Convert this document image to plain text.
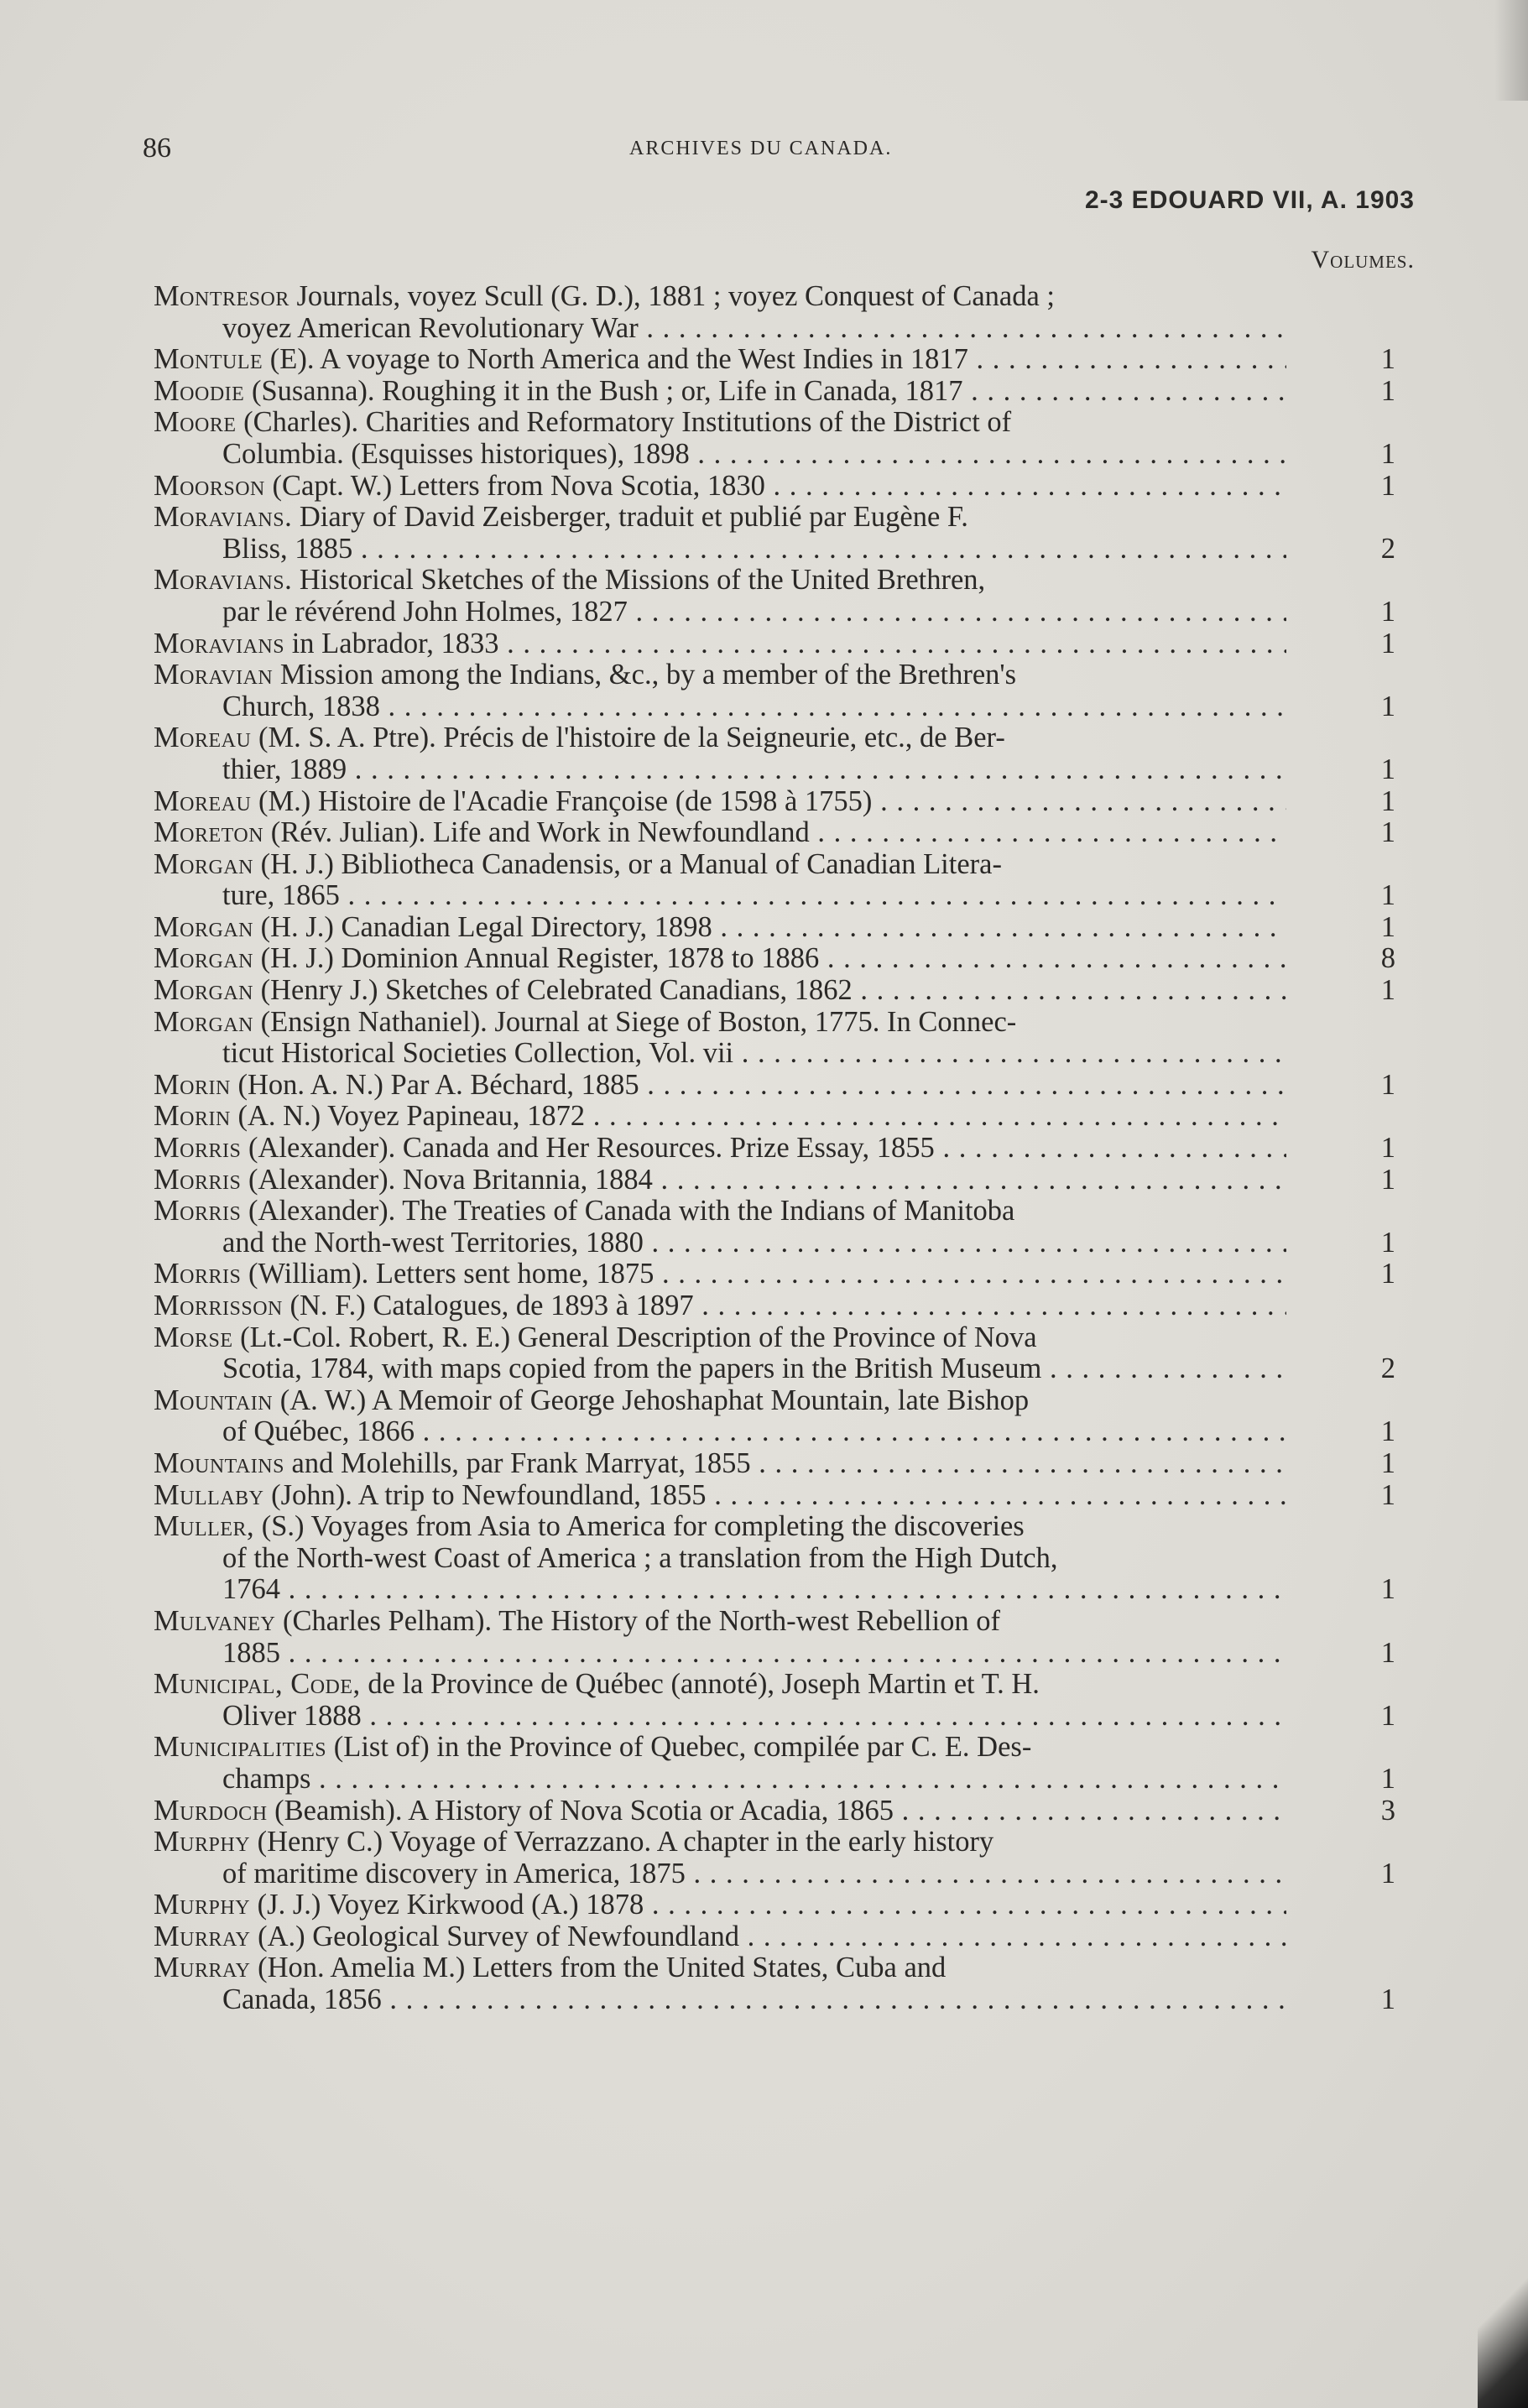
86	ARCHIVES DU CANADA.
2-3 EDOUARD VII, A. 1903
Volumes.
Montresor Journals, voyez Scull (G. D.), 1881 ; voyez Conquest of Canada ;
voyez American Revolutionary War . . .
Montule (E). A voyage to North America and the West Indies in 1817 . . .	1
Moodie (Susanna). Roughing it in the Bush ; or, Life in Canada, 1817 . . .	1
Moore (Charles). Charities and Reformatory Institutions of the District of
Columbia. (Esquisses historiques), 1898 . . .	1
Moorson (Capt. W.) Letters from Nova Scotia, 1830 . . .	1
Moravians. Diary of David Zeisberger, traduit et publié par Eugène F.
Bliss, 1885 . . .	2
Moravians. Historical Sketches of the Missions of the United Brethren,
par le révérend John Holmes, 1827 . . .	1
Moravians in Labrador, 1833 . . .	1
Moravian Mission among the Indians, &c., by a member of the Brethren's
Church, 1838 . . .	1
Moreau (M. S. A. Ptre). Précis de l'histoire de la Seigneurie, etc., de Ber-
thier, 1889 . . .	1
Moreau (M.) Histoire de l'Acadie Françoise (de 1598 à 1755) . . .	1
Moreton (Rév. Julian). Life and Work in Newfoundland . . .	1
Morgan (H. J.) Bibliotheca Canadensis, or a Manual of Canadian Litera-
ture, 1865 . . .	1
Morgan (H. J.) Canadian Legal Directory, 1898 . . .	1
Morgan (H. J.) Dominion Annual Register, 1878 to 1886 . . .	8
Morgan (Henry J.) Sketches of Celebrated Canadians, 1862 . . .	1
Morgan (Ensign Nathaniel). Journal at Siege of Boston, 1775. In Connec-
ticut Historical Societies Collection, Vol. vii . . .
Morin (Hon. A. N.) Par A. Béchard, 1885 . . .	1
Morin (A. N.) Voyez Papineau, 1872 . . .
Morris (Alexander). Canada and Her Resources. Prize Essay, 1855 . . .	1
Morris (Alexander). Nova Britannia, 1884 . . .	1
Morris (Alexander). The Treaties of Canada with the Indians of Manitoba
and the North-west Territories, 1880 . . .	1
Morris (William). Letters sent home, 1875 . . .	1
Morrisson (N. F.) Catalogues, de 1893 à 1897 . . .
Morse (Lt.-Col. Robert, R. E.) General Description of the Province of Nova
Scotia, 1784, with maps copied from the papers in the British Museum . . .	2
Mountain (A. W.) A Memoir of George Jehoshaphat Mountain, late Bishop
of Québec, 1866 . . .	1
Mountains and Molehills, par Frank Marryat, 1855 . . .	1
Mullaby (John). A trip to Newfoundland, 1855 . . .	1
Muller, (S.) Voyages from Asia to America for completing the discoveries
of the North-west Coast of America ; a translation from the High Dutch,
1764 . . .	1
Mulvaney (Charles Pelham). The History of the North-west Rebellion of
1885 . . .	1
Municipal, Code, de la Province de Québec (annoté), Joseph Martin et T. H.
Oliver 1888 . . .	1
Municipalities (List of) in the Province of Quebec, compilée par C. E. Des-
champs . . .	1
Murdoch (Beamish). A History of Nova Scotia or Acadia, 1865 . . .	3
Murphy (Henry C.) Voyage of Verrazzano. A chapter in the early history
of maritime discovery in America, 1875 . . .	1
Murphy (J. J.) Voyez Kirkwood (A.) 1878 . . .
Murray (A.) Geological Survey of Newfoundland . . .
Murray (Hon. Amelia M.) Letters from the United States, Cuba and
Canada, 1856 . . .	1
